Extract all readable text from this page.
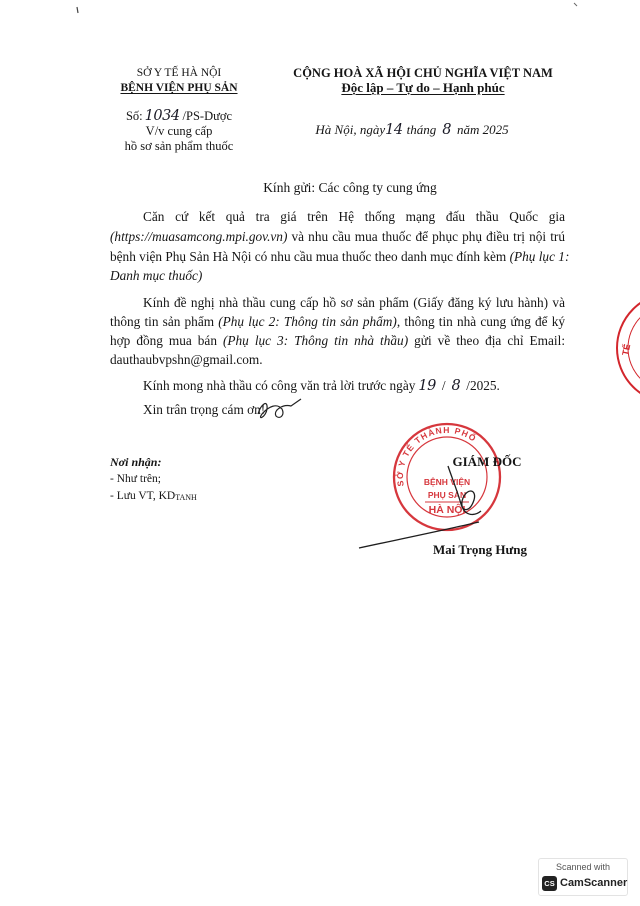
SỞ Y TẾ HÀ NỘI
BỆNH VIỆN PHỤ SẢN
Số: 1034 /PS-Dược
V/v cung cấp
hồ sơ sản phẩm thuốc
CỘNG HOÀ XÃ HỘI CHỦ NGHĨA VIỆT NAM
Độc lập – Tự do – Hạnh phúc
Hà Nội, ngày14 tháng 8 năm 2025
Kính gửi: Các công ty cung ứng
Căn cứ kết quả tra giá trên Hệ thống mạng đấu thầu Quốc gia
(https://muasamcong.mpi.gov.vn) và nhu cầu mua thuốc để phục phụ điều trị nội trú
bệnh viện Phụ Sản Hà Nội có nhu cầu mua thuốc theo danh mục đính kèm (Phụ lục 1:
Danh mục thuốc)
Kính đề nghị nhà thầu cung cấp hồ sơ sản phẩm (Giấy đăng ký lưu hành) và
thông tin sản phẩm (Phụ lục 2: Thông tin sản phẩm), thông tin nhà cung ứng để ký
hợp đồng mua bán (Phụ lục 3: Thông tin nhà thầu) gửi về theo địa chỉ Email:
dauthaubvpshn@gmail.com.
Kính mong nhà thầu có công văn trả lời trước ngày 19 / 8 /2025.
Xin trân trọng cám ơn!
Nơi nhận:
- Như trên;
- Lưu VT, KDTANH
GIÁM ĐỐC
Mai Trọng Hưng
TẾ
SỞ Y TẾ THÀNH PHỐ
BỆNH VIỆN
PHỤ SẢN
HÀ NỘI
Scanned with
CS CamScanner
